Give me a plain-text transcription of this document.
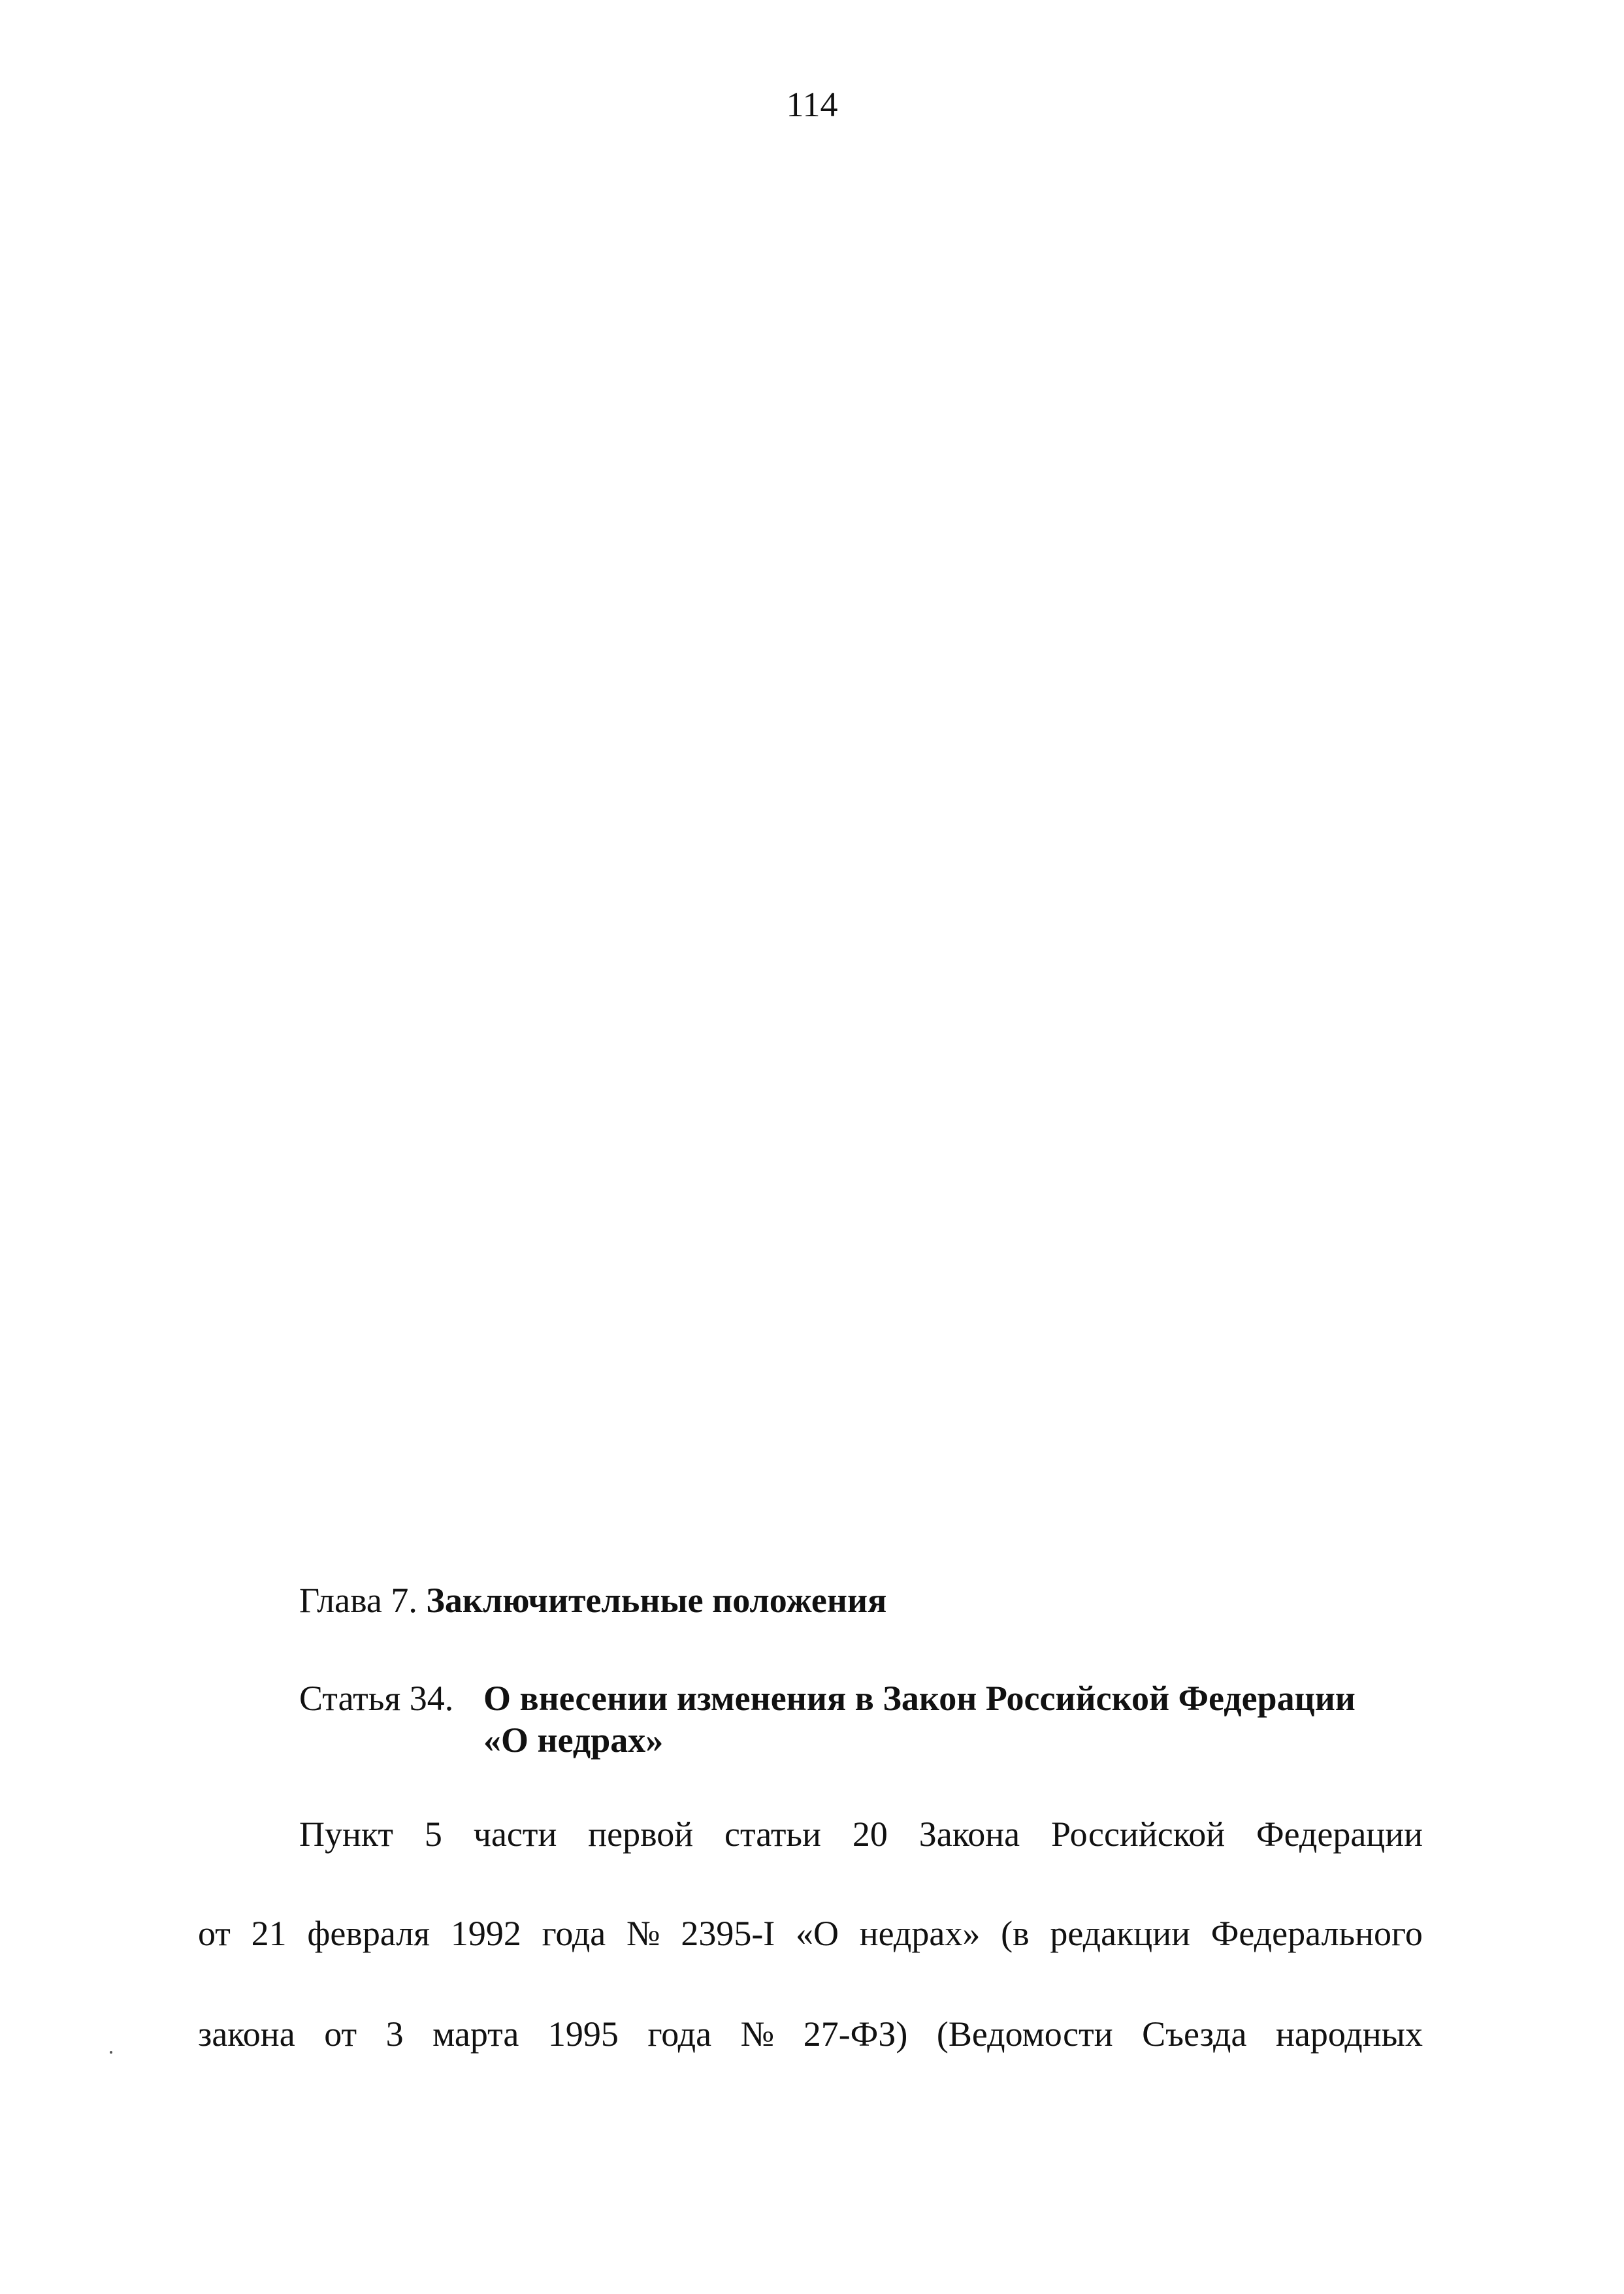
114
Глава 7. Заключительные положения
Статья 34. О внесении изменения в Закон Российской Федерации
«О недрах»
Пункт 5 части первой статьи 20 Закона Российской Федерации
от 21 февраля 1992 года № 2395-I «О недрах» (в редакции Федерального
закона от 3 марта 1995 года № 27-ФЗ) (Ведомости Съезда народных
